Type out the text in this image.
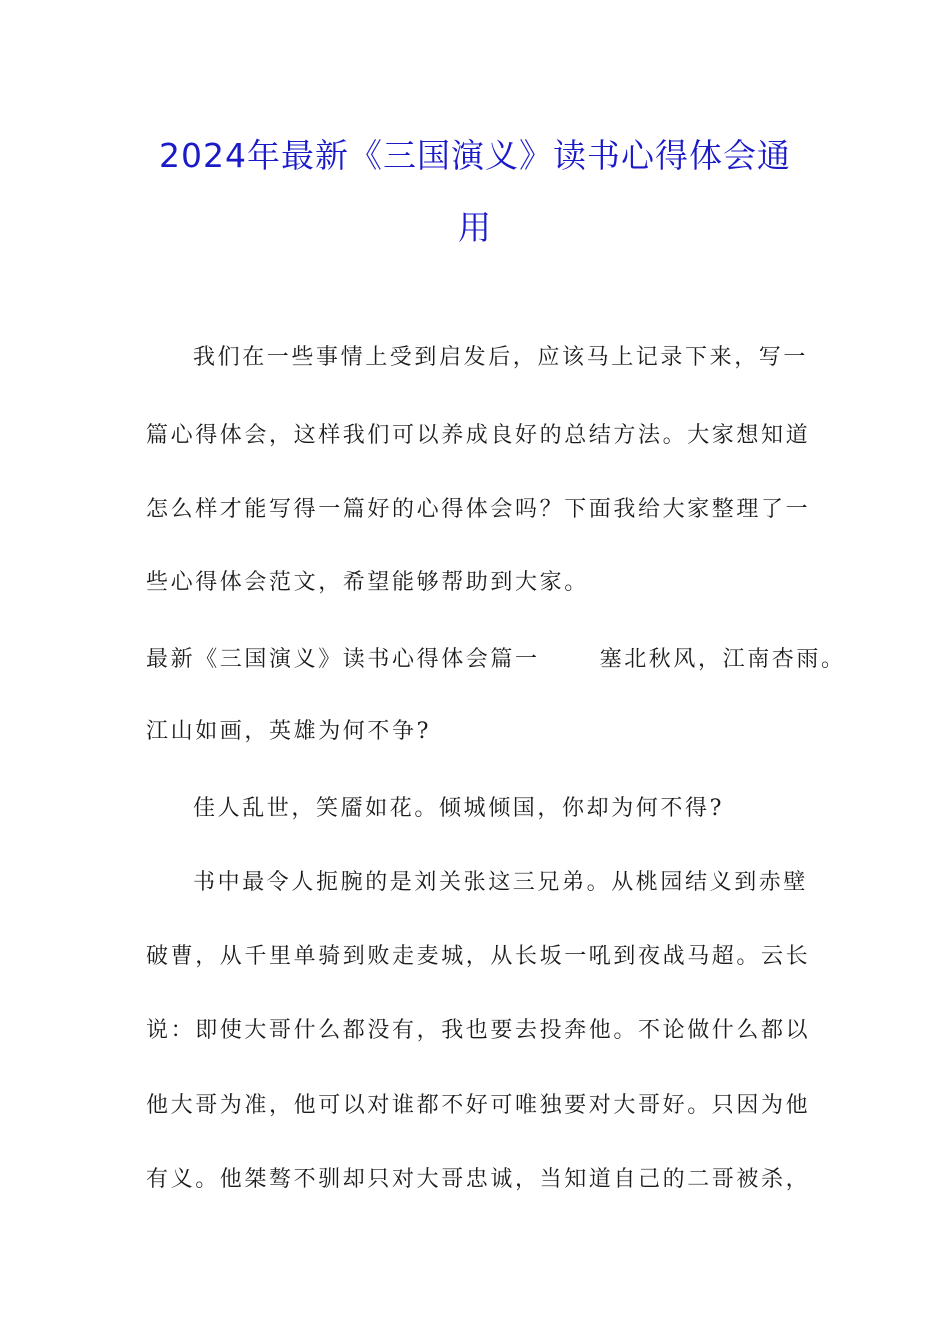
2024年最新《三国演义》读书心得体会通
用
我们在一些事情上受到启发后，应该马上记录下来，写一
篇心得体会，这样我们可以养成良好的总结方法。大家想知道
怎么样才能写得一篇好的心得体会吗？下面我给大家整理了一
些心得体会范文，希望能够帮助到大家。
最新《三国演义》读书心得体会篇一	塞北秋风，江南杏雨。
江山如画，英雄为何不争?
佳人乱世，笑靥如花。倾城倾国，你却为何不得?
书中最令人扼腕的是刘关张这三兄弟。从桃园结义到赤壁
破曹，从千里单骑到败走麦城，从长坂一吼到夜战马超。云长
说：即使大哥什么都没有，我也要去投奔他。不论做什么都以
他大哥为准，他可以对谁都不好可唯独要对大哥好。只因为他
有义。他桀骜不驯却只对大哥忠诚，当知道自己的二哥被杀，
